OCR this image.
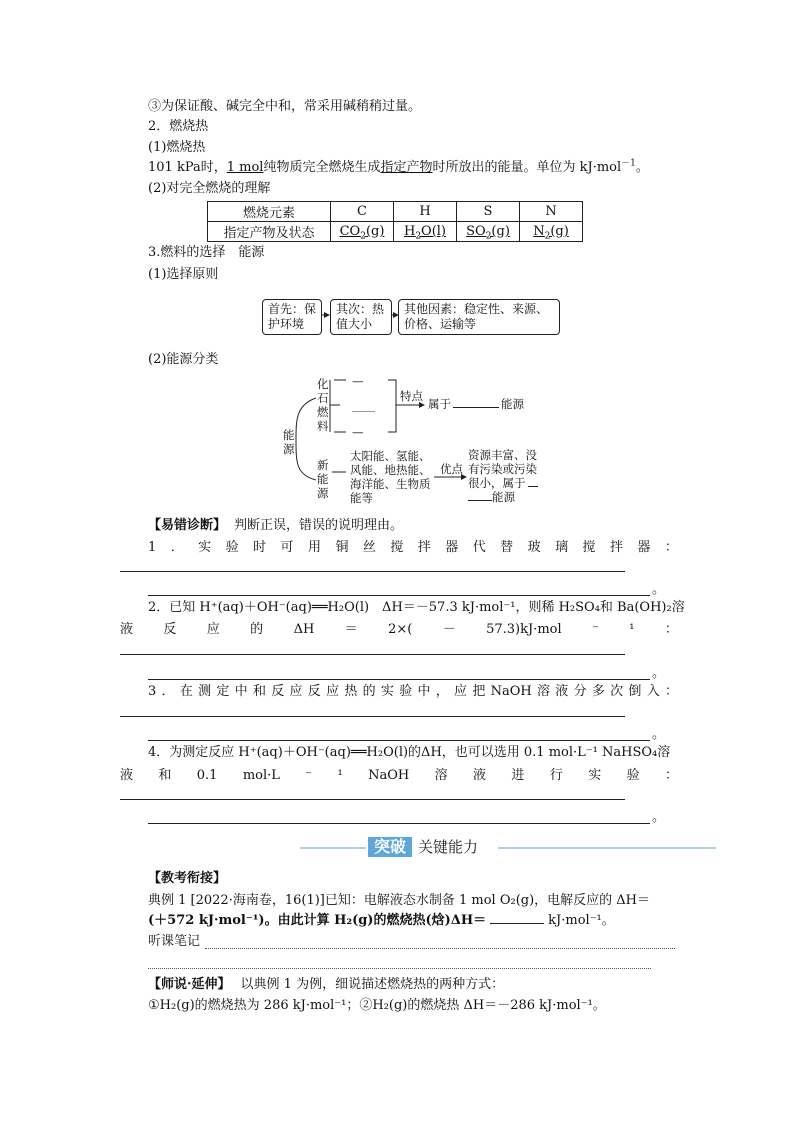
③为保证酸、碱完全中和，常采用碱稍稍过量。
2．燃烧热
(1)燃烧热
101 kPa时，1 mol纯物质完全燃烧生成指定产物时所放出的能量。单位为 kJ·mol$^{-1}$。
(2)对完全燃烧的理解
燃烧元素	C	H	S	N
指定产物及状态	$CO_2(g)$	$H_2O(l)$	$SO_2(g)$	$N_2(g)$
3.燃料的选择　能源
(1)选择原则
首先：保护环境
其次：热值大小
其他因素：稳定性、来源、价格、运输等
(2)能源分类
能源
化石燃料
—
____
—
特点
属于	能源
新能源
太阳能、氢能、风能、地热能、海洋能、生物质能等
优点
资源丰富、没有污染或污染很小，属于
能源
【易错诊断】 判断正误，错误的说明理由。
1 ． 实 验 时 可 用 铜 丝 搅 拌 器 代 替 玻 璃 搅 拌 器 ：
。
2．已知 H⁺(aq)＋OH⁻(aq)══H₂O(l)　ΔH＝－57.3 kJ·mol⁻¹，则稀 H₂SO₄和 Ba(OH)₂溶
液 反 应 的 ΔH ＝ 2×( － 57.3)kJ·mol ⁻ ¹ ：
。
3 ． 在 测 定 中 和 反 应 反 应 热 的 实 验 中 ， 应 把 NaOH 溶 液 分 多 次 倒 入 ：
。
4．为测定反应 H⁺(aq)＋OH⁻(aq)══H₂O(l)的ΔH，也可以选用 0.1 mol·L⁻¹ NaHSO₄溶
液 和 0.1 mol·L ⁻ ¹ NaOH 溶 液 进 行 实 验 ：
。
突破 关键能力
【教考衔接】
典例 1 [2022·海南卷，16(1)]已知：电解液态水制备 1 mol O₂(g)，电解反应的 ΔH＝
(＋572 kJ·mol⁻¹)。由此计算 H₂(g)的燃烧热(焓)ΔH＝	kJ·mol⁻¹。
听课笔记
【师说·延伸】 以典例 1 为例，细说描述燃烧热的两种方式：
①H₂(g)的燃烧热为 286 kJ·mol⁻¹；②H₂(g)的燃烧热 ΔH＝－286 kJ·mol⁻¹。
